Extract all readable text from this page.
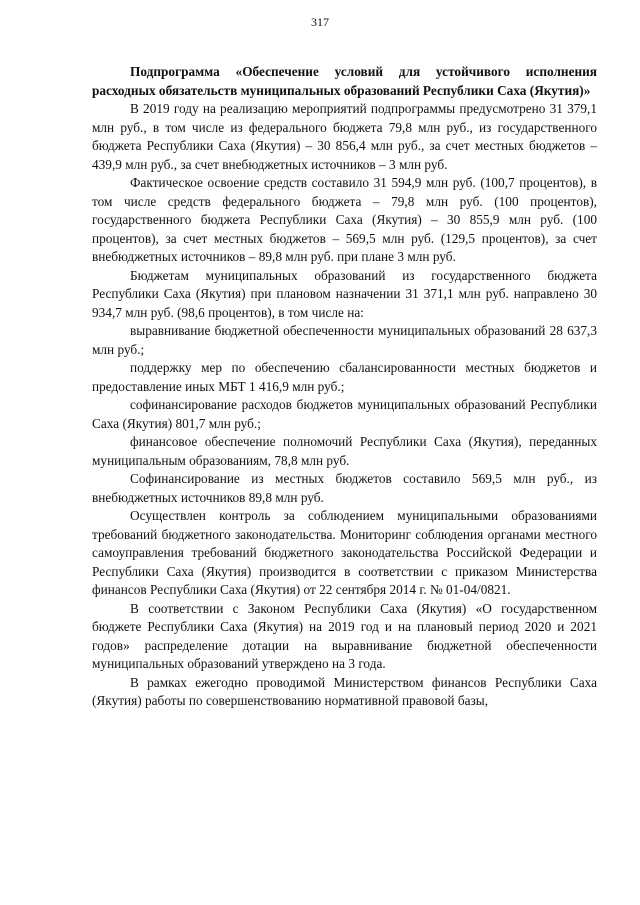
317

Подпрограмма «Обеспечение условий для устойчивого исполнения расходных обязательств муниципальных образований Республики Саха (Якутия)»

В 2019 году на реализацию мероприятий подпрограммы предусмотрено 31 379,1 млн руб., в том числе из федерального бюджета 79,8 млн руб., из государственного бюджета Республики Саха (Якутия) – 30 856,4 млн руб., за счет местных бюджетов – 439,9 млн руб., за счет внебюджетных источников – 3 млн руб.

Фактическое освоение средств составило 31 594,9 млн руб. (100,7 процентов), в том числе средств федерального бюджета – 79,8 млн руб. (100 процентов), государственного бюджета Республики Саха (Якутия) – 30 855,9 млн руб. (100 процентов), за счет местных бюджетов – 569,5 млн руб. (129,5 процентов), за счет внебюджетных источников – 89,8 млн руб. при плане 3 млн руб.

Бюджетам муниципальных образований из государственного бюджета Республики Саха (Якутия) при плановом назначении 31 371,1 млн руб. направлено 30 934,7 млн руб. (98,6 процентов), в том числе на:

выравнивание бюджетной обеспеченности муниципальных образований 28 637,3 млн руб.;

поддержку мер по обеспечению сбалансированности местных бюджетов и предоставление иных МБТ 1 416,9 млн руб.;

софинансирование расходов бюджетов муниципальных образований Республики Саха (Якутия) 801,7 млн руб.;

финансовое обеспечение полномочий Республики Саха (Якутия), переданных муниципальным образованиям, 78,8 млн руб.

Софинансирование из местных бюджетов составило 569,5 млн руб., из внебюджетных источников 89,8 млн руб.

Осуществлен контроль за соблюдением муниципальными образованиями требований бюджетного законодательства. Мониторинг соблюдения органами местного самоуправления требований бюджетного законодательства Российской Федерации и Республики Саха (Якутия) производится в соответствии с приказом Министерства финансов Республики Саха (Якутия) от 22 сентября 2014 г. № 01-04/0821.

В соответствии с Законом Республики Саха (Якутия) «О государственном бюджете Республики Саха (Якутия) на 2019 год и на плановый период 2020 и 2021 годов» распределение дотации на выравнивание бюджетной обеспеченности муниципальных образований утверждено на 3 года.

В рамках ежегодно проводимой Министерством финансов Республики Саха (Якутия) работы по совершенствованию нормативной правовой базы,
